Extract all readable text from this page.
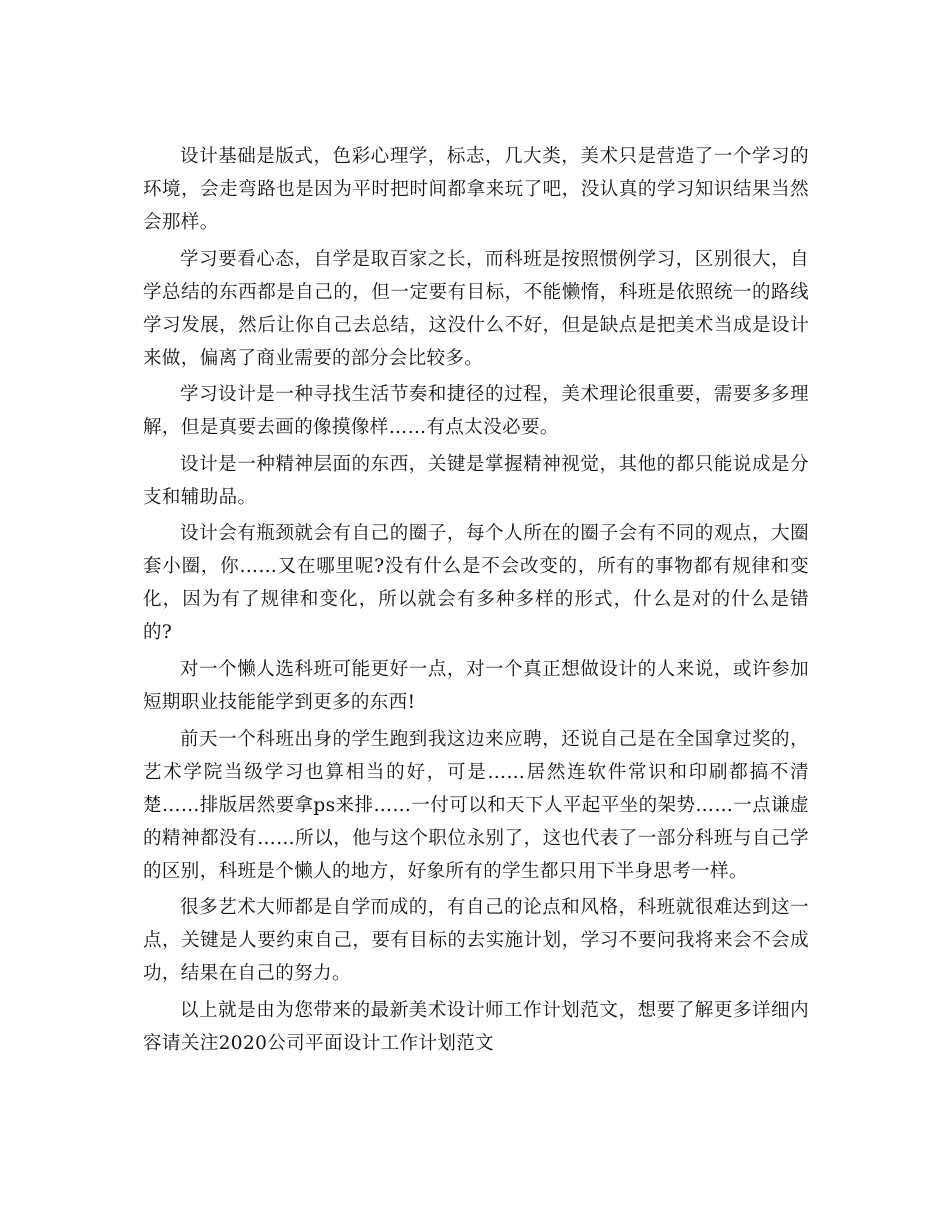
设计基础是版式，色彩心理学，标志，几大类，美术只是营造了一个学习的环境，会走弯路也是因为平时把时间都拿来玩了吧，没认真的学习知识结果当然会那样。

学习要看心态，自学是取百家之长，而科班是按照惯例学习，区别很大，自学总结的东西都是自己的，但一定要有目标，不能懒惰，科班是依照统一的路线学习发展，然后让你自己去总结，这没什么不好，但是缺点是把美术当成是设计来做，偏离了商业需要的部分会比较多。

学习设计是一种寻找生活节奏和捷径的过程，美术理论很重要，需要多多理解，但是真要去画的像摸像样……有点太没必要。

设计是一种精神层面的东西，关键是掌握精神视觉，其他的都只能说成是分支和辅助品。

设计会有瓶颈就会有自己的圈子，每个人所在的圈子会有不同的观点，大圈套小圈，你……又在哪里呢?没有什么是不会改变的，所有的事物都有规律和变化，因为有了规律和变化，所以就会有多种多样的形式，什么是对的什么是错的?

对一个懒人选科班可能更好一点，对一个真正想做设计的人来说，或许参加短期职业技能能学到更多的东西!

前天一个科班出身的学生跑到我这边来应聘，还说自己是在全国拿过奖的，艺术学院当级学习也算相当的好，可是……居然连软件常识和印刷都搞不清楚……排版居然要拿ps来排……一付可以和天下人平起平坐的架势……一点谦虚的精神都没有……所以，他与这个职位永别了，这也代表了一部分科班与自己学的区别，科班是个懒人的地方，好象所有的学生都只用下半身思考一样。

很多艺术大师都是自学而成的，有自己的论点和风格，科班就很难达到这一点，关键是人要约束自己，要有目标的去实施计划，学习不要问我将来会不会成功，结果在自己的努力。

以上就是由为您带来的最新美术设计师工作计划范文，想要了解更多详细内容请关注2020公司平面设计工作计划范文
